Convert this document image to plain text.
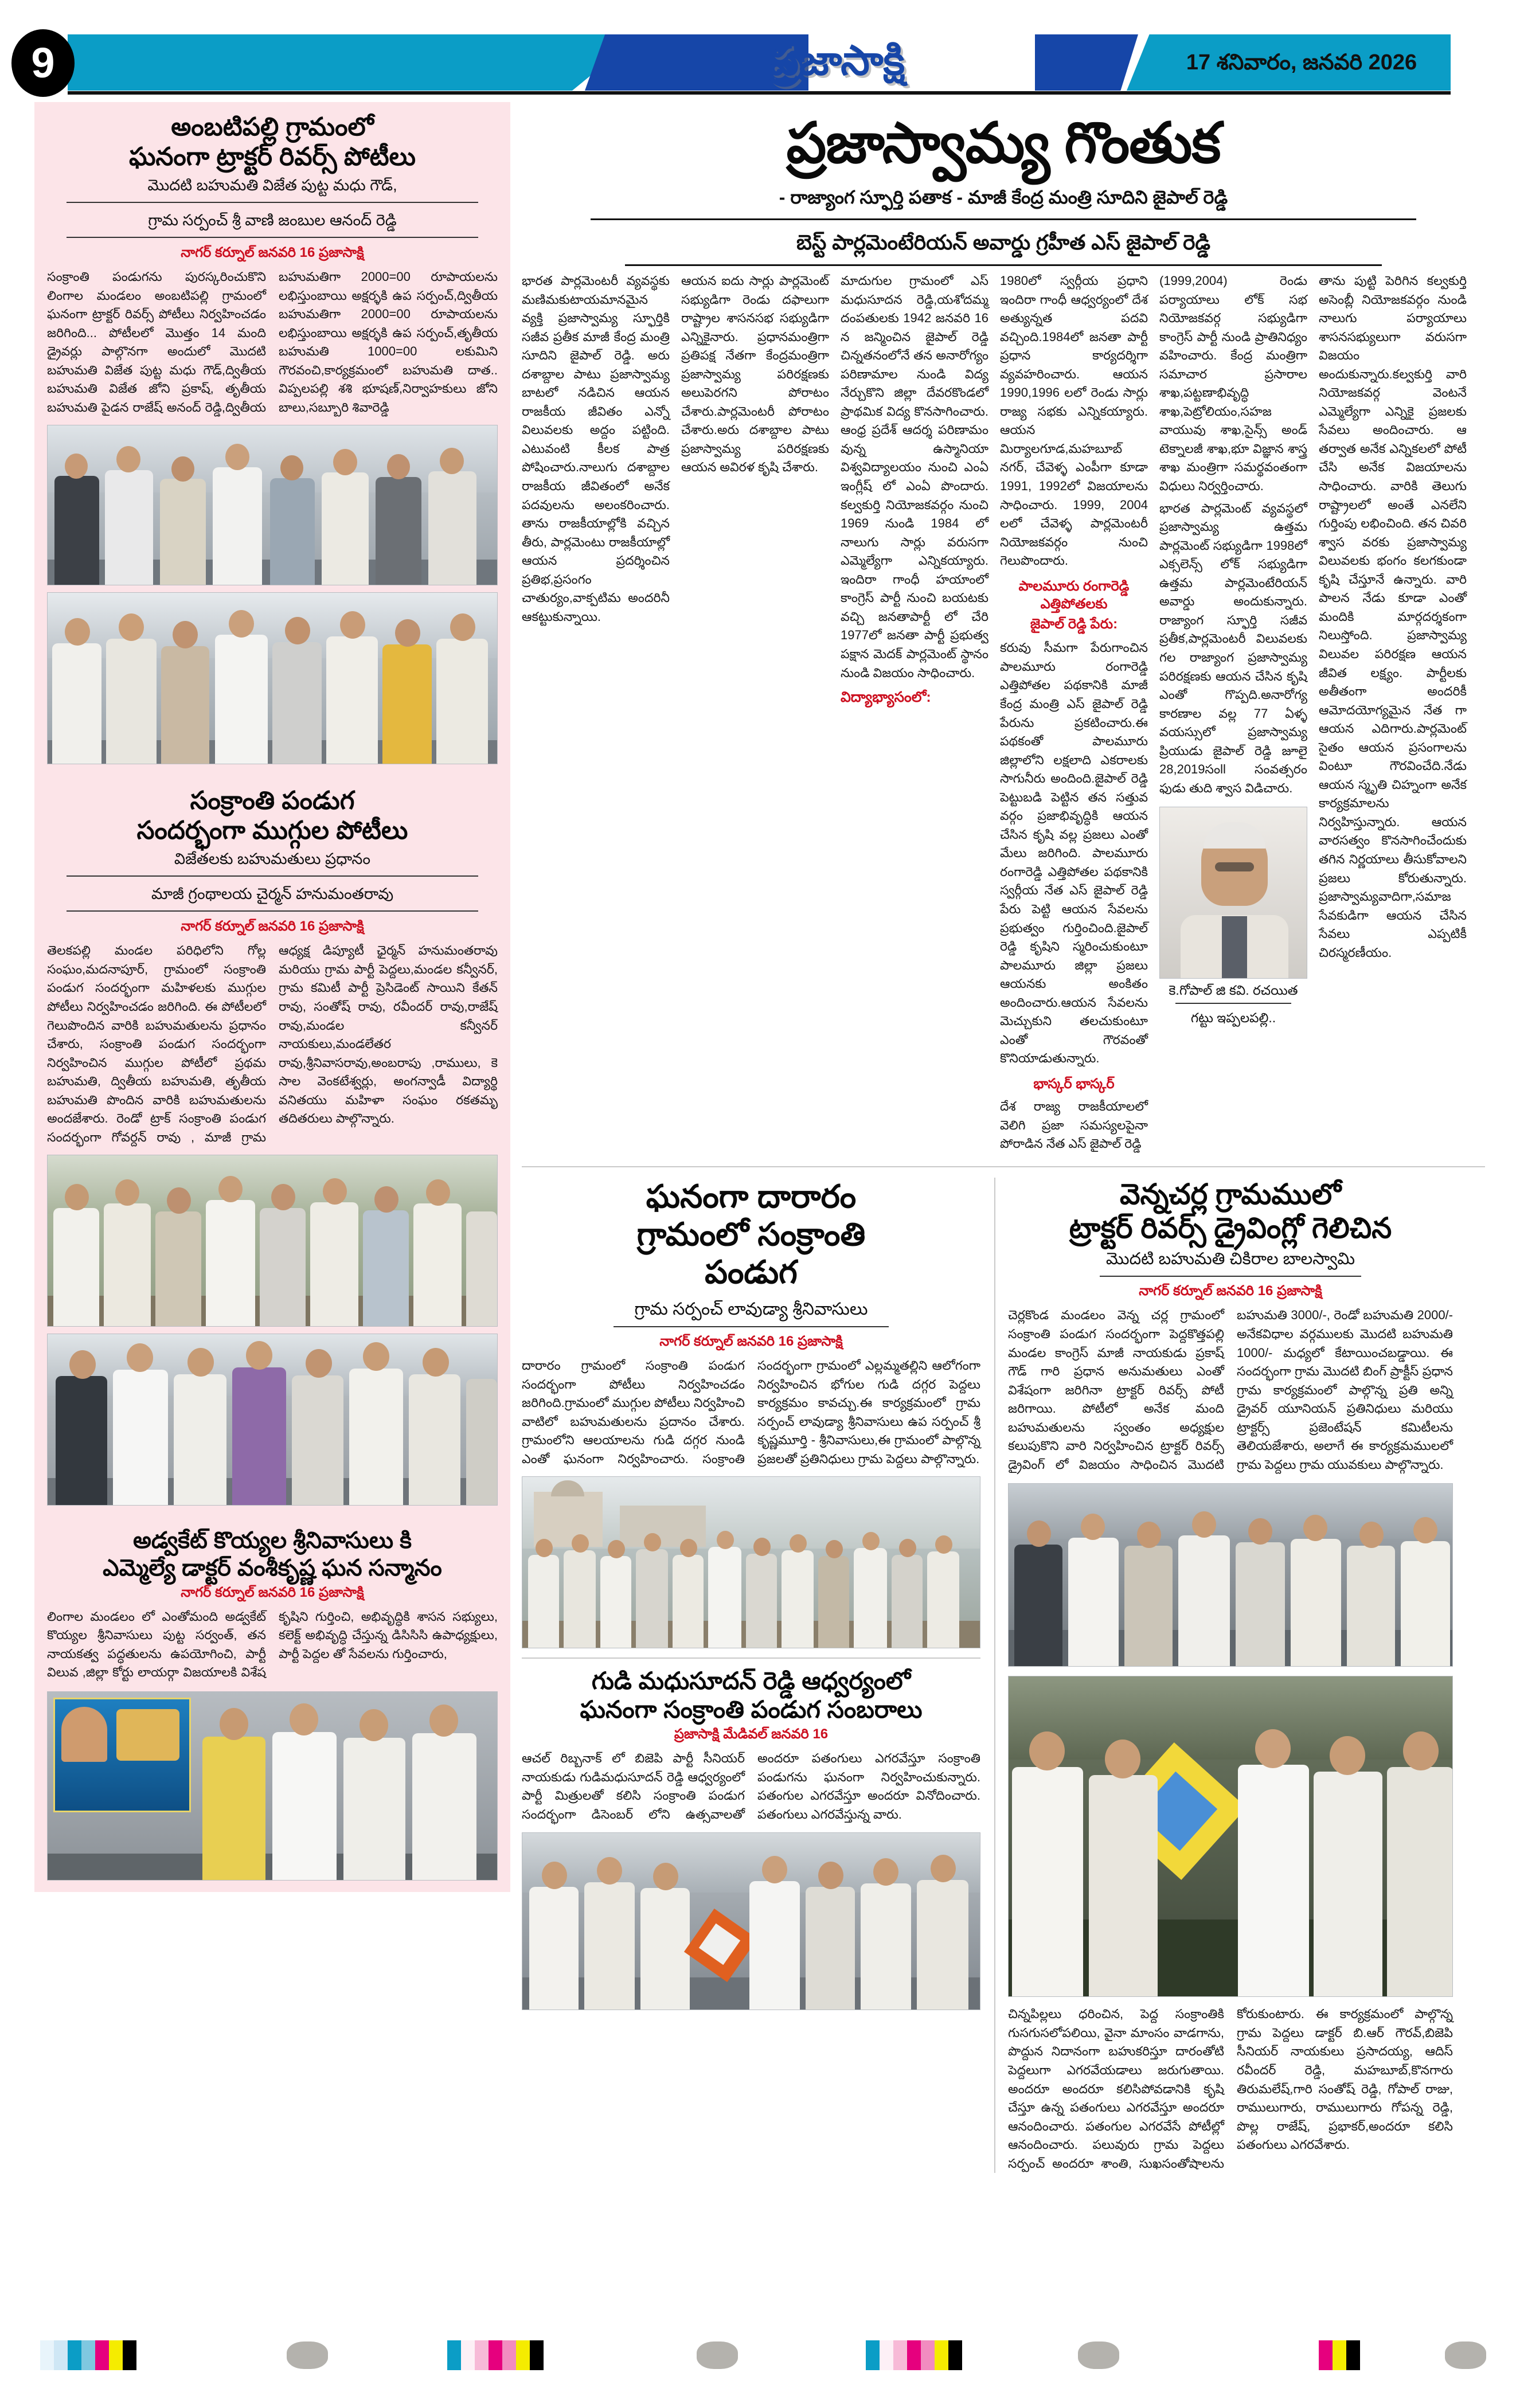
9	ప్రజాసాక్షి	17 శనివారం, జనవరి 2026
అంబటిపల్లి గ్రామంలో
ఘనంగా ట్రాక్టర్ రివర్స్ పోటీలు
మొదటి బహుమతి విజేత పుట్ట మధు గౌడ్,
గ్రామ సర్పంచ్ శ్రీ వాణి జంబుల ఆనంద్ రెడ్డి
నాగర్ కర్నూల్ జనవరి 16 ప్రజాసాక్షి
సంక్రాంతి పండుగను పురస్కరించుకొని లింగాల మండలం అంబటిపల్లి గ్రామంలో ఘనంగా ట్రాక్టర్ రివర్స్ పోటీలు నిర్వహించడం జరిగింది... పోటీలలో మొత్తం 14 మంది డ్రైవర్లు పాల్గొనగా అందులో మొదటి బహుమతి విజేత పుట్ట మధు గౌడ్,ద్వితీయ బహుమతి విజేత జోని ప్రకాష్, తృతీయ బహుమతి పైడన రాజేష్ అనంద్ రెడ్డి,ద్వితీయ బహుమతిగా 2000=00 రూపాయలను లభిస్తుంబాయి అక్షర్ళకి ఉప సర్పంచ్,ద్వితీయ బహుమతిగా 2000=00 రూపాయలను లభిస్తుంబాయి అక్షర్ళకి ఉప సర్పంచ్,తృతీయ బహుమతి 1000=00 లకుమిని గౌరవంచి,కార్యక్రమంలో బహుమతి దాత.. విప్పలపల్లి శశి భూషణ్,నిర్వాహకులు జోని బాలు,సబ్బూరి శివారెడ్డి
సంక్రాంతి పండుగ
సందర్భంగా ముగ్గుల పోటీలు
విజేతలకు బహుమతులు ప్రధానం
మాజీ గ్రంథాలయ చైర్మన్ హనుమంతరావు
నాగర్ కర్నూల్ జనవరి 16 ప్రజాసాక్షి
తెలకపల్లి మండల పరిధిలోని గోల్ల సంఘం,మదనాపూర్, గ్రామంలో సంక్రాంతి పండుగ సందర్భంగా మహిళలకు ముగ్గుల పోటీలు నిర్వహించడం జరిగింది. ఈ పోటీలలో గెలుపొందిన వారికి బహుమతులను ప్రధానం చేశారు, సంక్రాంతి పండుగ సందర్భంగా నిర్వహించిన ముగ్గుల పోటీలో ప్రథమ బహుమతి, ద్వితీయ బహుమతి, తృతీయ బహుమతి పొందిన వారికి బహుమతులను అందజేశారు. రెండో ట్రాక్ సంక్రాంతి పండుగ సందర్భంగా గోవర్దన్ రావు , మాజీ గ్రామ ఆధ్యక్ష డిప్యూటీ ఛైర్మన్ హనుమంతరావు మరియు గ్రామ పార్టీ పెద్దలు,మండల కన్వీనర్, గ్రామ కమిటీ పార్టీ ప్రెసిడెంట్ సాయిని కేతన్ రావు, సంతోష్ రావు, రవీందర్ రావు,రాజేష్ రావు,మండల కన్వీనర్ నాయకులు,మండలేతర రావు,శ్రీనివాసరావు,అంబరాపు ,రాములు, కె సాల వెంకటేశ్వర్లు, అంగన్వాడీ విద్యార్థి వనితయు మహిళా సంఘం రకతమృ తదితరులు పాల్గొన్నారు.
అడ్వకేట్ కొయ్యల శ్రీనివాసులు కి
ఎమ్మెల్యే డాక్టర్ వంశీకృష్ణ ఘన సన్మానం
నాగర్ కర్నూల్ జనవరి 16 ప్రజాసాక్షి
లింగాల మండలం లో ఎంతోమంది అడ్వకేట్ కొయ్యల శ్రీనివాసులు పుట్ట సర్వంత్, తన నాయకత్వ పద్ధతులను ఉపయోగించి, పార్టీ విలువ ,జిల్లా కోర్టు లాయర్గా విజయాలకి విశేష కృషిని గుర్తించి, అభివృద్ధికి శాసన సభ్యులు, కలెక్ట్ అభివృద్ధి చేస్తున్న డిసిసిసి ఉపాధ్యక్షులు, పార్టీ పెద్దల తో సేవలను గుర్తించారు,
ప్రజాస్వామ్య గొంతుక
- రాజ్యాంగ స్ఫూర్తి పతాక - మాజీ కేంద్ర మంత్రి సూదిని జైపాల్ రెడ్డి
బెస్ట్ పార్లమెంటేరియన్ అవార్డు గ్రహీత ఎస్ జైపాల్ రెడ్డి
భారత పార్లమెంటరీ వ్యవస్థకు మణిమకుటాయమానమైన వ్యక్తి ప్రజాస్వామ్య స్ఫూర్తికి సజీవ ప్రతీక మాజీ కేంద్ర మంత్రి సూదిని జైపాల్ రెడ్డి. అరు దశాబ్దాల పాటు ప్రజాస్వామ్య బాటలో నడిచిన ఆయన రాజకీయ జీవితం ఎన్నో విలువలకు అద్దం పట్టింది. ఎటువంటి కీలక పాత్ర పోషించారు.నాలుగు దశాబ్దాల రాజకీయ జీవితంలో అనేక పదవులను అలంకరించారు. తాను రాజకీయాల్లోకి వచ్చిన తీరు, పార్లమెంటు రాజకీయాల్లో ఆయన ప్రదర్శించిన ప్రతిభ,ప్రసంగం చాతుర్యం,వాక్పటిమ అందరినీ ఆకట్టుకున్నాయి.
ఆయన ఐదు సార్లు పార్లమెంట్ సభ్యుడిగా రెండు దఫాలుగా రాష్ట్రాల శాసనసభ సభ్యుడిగా ఎన్నికైనారు. ప్రధానమంత్రిగా ప్రతిపక్ష నేతగా కేంద్రమంత్రిగా ప్రజాస్వామ్య పరిరక్షణకు అలుపెరగని పోరాటం చేశారు.పార్లమెంటరీ పోరాటం చేశారు.అరు దశాబ్దాల పాటు ప్రజాస్వామ్య పరిరక్షణకు ఆయన అవిరళ కృషి చేశారు.
మాదుగుల గ్రామంలో ఎస్ మధుసూదన రెడ్డి,యశోదమ్మ దంపతులకు 1942 జనవరి 16 న జన్మించిన జైపాల్ రెడ్డి చిన్నతనంలోనే తన అనారోగ్యం పరిణామాల నుండి విద్య నేర్చుకొని జిల్లా దేవరకొండలో ప్రాథమిక విద్య కొనసాగించారు. ఆంధ్ర ప్రదేశ్ ఆదర్శ పరిణామం వున్న ఉస్మానియా విశ్వవిద్యాలయం నుంచి ఎంఏ ఇంగ్లీష్ లో ఎంఏ పొందారు. కల్వకుర్తి నియోజకవర్గం నుంచి 1969 నుండి 1984 లో నాలుగు సార్లు వరుసగా ఎమ్మెల్యేగా ఎన్నికయ్యారు. ఇందిరా గాంధీ హయాంలో కాంగ్రెస్ పార్టీ నుంచి బయటకు వచ్చి జనతాపార్టీ లో చేరి 1977లో జనతా పార్టీ ప్రభుత్వ పక్షాన మెదక్ పార్లమెంట్ స్థానం నుండి విజయం సాధించారు.
విద్యాభ్యాసంలో:
1980లో స్వర్గీయ ప్రధాని ఇందిరా గాంధీ ఆధ్వర్యంలో దేశ అత్యున్నత పదవి వచ్చింది.1984లో జనతా పార్టీ ప్రధాన కార్యదర్శిగా వ్యవహరించారు. ఆయన 1990,1996 లలో రెండు సార్లు రాజ్య సభకు ఎన్నికయ్యారు. ఆయన మిర్యాలగూడ,మహబూబ్ నగర్, చేవెళ్ళ ఎంపీగా కూడా 1991, 1992లో విజయాలను సాధించారు. 1999, 2004 లలో చేవెళ్ళ పార్లమెంటరీ నియోజకవర్గం నుంచి గెలుపొందారు.
పాలమూరు రంగారెడ్డి ఎత్తిపోతలకు
జైపాల్ రెడ్డి పేరు:
కరువు సీమగా పేరుగాంచిన పాలమూరు రంగారెడ్డి ఎత్తిపోతల పథకానికి మాజీ కేంద్ర మంత్రి ఎస్ జైపాల్ రెడ్డి పేరును ప్రకటించారు.ఈ పథకంతో పాలమూరు జిల్లాలోని లక్షలాది ఎకరాలకు సాగునీరు అందింది.జైపాల్ రెడ్డి పెట్టుబడి పెట్టిన తన సత్తువ వర్గం ప్రజాభివృద్ధికి ఆయన చేసిన కృషి వల్ల ప్రజలు ఎంతో మేలు జరిగింది. పాలమూరు రంగారెడ్డి ఎత్తిపోతల పథకానికి స్వర్గీయ నేత ఎస్ జైపాల్ రెడ్డి పేరు పెట్టి ఆయన సేవలను ప్రభుత్వం గుర్తించింది.జైపాల్ రెడ్డి కృషిని స్మరించుకుంటూ పాలమూరు జిల్లా ప్రజలు ఆయనకు అంకితం అందించారు.ఆయన సేవలను మెచ్చుకుని తలచుకుంటూ ఎంతో గౌరవంతో కొనియాడుతున్నారు.
భాస్కర్ భాస్కర్
దేశ రాజ్య రాజకీయాలలో వెలిగి ప్రజా సమస్యలపైనా పోరాడిన నేత ఎస్ జైపాల్ రెడ్డి
(1999,2004) రెండు పర్యాయాలు లోక్ సభ నియోజకవర్గ సభ్యుడిగా కాంగ్రెస్ పార్టీ నుండి ప్రాతినిధ్యం వహించారు. కేంద్ర మంత్రిగా సమాచార ప్రసారాల శాఖ,పట్టణాభివృద్ధి శాఖ,పెట్రోలియం,సహజ వాయువు శాఖ,సైన్స్ అండ్ టెక్నాలజీ శాఖ,భూ విజ్ఞాన శాస్త్ర శాఖ మంత్రిగా సమర్థవంతంగా విధులు నిర్వర్తించారు.
భారత పార్లమెంట్ వ్యవస్థలో ప్రజాస్వామ్య ఉత్తమ పార్లమెంట్ సభ్యుడిగా 1998లో ఎక్సలెన్స్ లోక్ సభ్యుడిగా ఉత్తమ పార్లమెంటేరియన్ అవార్డు అందుకున్నారు. రాజ్యాంగ స్ఫూర్తి సజీవ ప్రతీక,పార్లమెంటరీ విలువలకు గల రాజ్యాంగ ప్రజాస్వామ్య పరిరక్షణకు ఆయన చేసిన కృషి ఎంతో గొప్పది.అనారోగ్య కారణాల వల్ల 77 ఏళ్ళ వయస్సులో ప్రజాస్వామ్య ప్రియుడు జైపాల్ రెడ్డి జూలై 28,2019సంll సంవత్సరం ఫుడు తుది శ్వాస విడిచారు.
కె.గోపాల్ జి కవి. రచయిత
గట్టు ఇప్పలపల్లి..
తాను పుట్టి పెరిగిన కల్వకుర్తి అసెంబ్లీ నియోజకవర్గం నుండి నాలుగు పర్యాయాలు శాసనసభ్యులుగా వరుసగా విజయం అందుకున్నారు.కల్వకుర్తి వారి నియోజకవర్గ వెంటనే ఎమ్మెల్యేగా ఎన్నికై ప్రజలకు సేవలు అందించారు. ఆ తర్వాత అనేక ఎన్నికలలో పోటీ చేసి అనేక విజయాలను సాధించారు. వారికి తెలుగు రాష్ట్రాలలో అంతే ఎనలేని గుర్తింపు లభించింది. తన చివరి శ్వాస వరకు ప్రజాస్వామ్య విలువలకు భంగం కలగకుండా కృషి చేస్తూనే ఉన్నారు. వారి పాలన నేడు కూడా ఎంతో మందికి మార్గదర్శకంగా నిలుస్తోంది. ప్రజాస్వామ్య విలువల పరిరక్షణ ఆయన జీవిత లక్ష్యం. పార్టీలకు అతీతంగా అందరికీ ఆమోదయోగ్యమైన నేత గా ఆయన ఎదిగారు.పార్లమెంట్ సైతం ఆయన ప్రసంగాలను వింటూ గౌరవించేది.నేడు ఆయన స్మృతి చిహ్నంగా అనేక కార్యక్రమాలను నిర్వహిస్తున్నారు. ఆయన వారసత్వం కొనసాగించేందుకు తగిన నిర్ణయాలు తీసుకోవాలని ప్రజలు కోరుతున్నారు. ప్రజాస్వామ్యవాదిగా,సమాజ సేవకుడిగా ఆయన చేసిన సేవలు ఎప్పటికీ చిరస్మరణీయం.
ఘనంగా దారారం
గ్రామంలో సంక్రాంతి
పండుగ
గ్రామ సర్పంచ్ లావుడ్యా శ్రీనివాసులు
నాగర్ కర్నూల్ జనవరి 16 ప్రజాసాక్షి
దారారం గ్రామంలో సంక్రాంతి పండుగ సందర్భంగా పోటీలు నిర్వహించడం జరిగింది.గ్రామంలో ముగ్గుల పోటీలు నిర్వహించి వాటిలో బహుమతులను ప్రదానం చేశారు. గ్రామంలోని ఆలయాలను గుడి దగ్గర నుండి ఎంతో ఘనంగా నిర్వహించారు. సంక్రాంతి సందర్భంగా గ్రామంలో ఎల్లమ్మతల్లిని ఆలోగంగా నిర్వహించిన భోగుల గుడి దగ్గర పెద్దలు కార్యక్రమం కావచ్చు.ఈ కార్యక్రమంలో గ్రామ సర్పంచ్ లావుడ్యా శ్రీనివాసులు ఉప సర్పంచ్ శ్రీ కృష్ణమూర్తి - శ్రీనివాసులు,ఈ గ్రామంలో పాల్గొన్న ప్రజలతో ప్రతినిధులు గ్రామ పెద్దలు పాల్గొన్నారు.
గుడి మధుసూదన్ రెడ్డి ఆధ్వర్యంలో
ఘనంగా సంక్రాంతి పండుగ సంబరాలు
ప్రజాసాక్షి మేడివల్ జనవరి 16
ఆచల్ రిబ్బనాక్ లో బిజెపి పార్టీ సీనియర్ నాయకుడు గుడిమధుసూదన్ రెడ్డి ఆధ్వర్యంలో పార్టీ మిత్రులతో కలిసి సంక్రాంతి పండుగ సందర్భంగా డిసెంబర్ లోని ఉత్సవాలతో అందరూ పతంగులు ఎగరవేస్తూ సంక్రాంతి పండుగను ఘనంగా నిర్వహించుకున్నారు. పతంగుల ఎగరవేస్తూ అందరూ వినోదించారు. పతంగులు ఎగరవేస్తున్న వారు.
వెన్నచర్ల గ్రామములో
ట్రాక్టర్ రివర్స్ డ్రైవింగ్లో గెలిచిన
మొదటి బహుమతి చికిరాల బాలస్వామి
నాగర్ కర్నూల్ జనవరి 16 ప్రజాసాక్షి
చెర్లకొండ మండలం వెన్న చర్ల గ్రామంలో సంక్రాంతి పండుగ సందర్భంగా పెద్దకొత్తపల్లి మండల కాంగ్రెస్ మాజీ నాయకుడు ప్రకాష్ గౌడ్ గారి ప్రధాన అనుమతులు ఎంతో విశేషంగా జరిగినా ట్రాక్టర్ రివర్స్ పోటీ జరిగాయి. పోటీలో అనేక మంది బహుమతులను స్వంతం అధ్యక్షుల కలుపుకొని వారి నిర్వహించిన ట్రాక్టర్ రివర్స్ డ్రైవింగ్ లో విజయం సాధించిన మొదటి బహుమతి 3000/-, రెండో బహుమతి 2000/- అనేకవిధాల వర్గములకు మొదటి బహుమతి 1000/- మధ్యలో కేటాయించబడ్డాయి. ఈ సందర్భంగా గ్రామ మొదటి బింగ్ ప్రాక్టీస్ ప్రధాన గ్రామ కార్యక్రమంలో పాల్గొన్న ప్రతి అన్ని డ్రైవర్ యూనియన్ ప్రతినిధులు మరియు ట్రాక్టర్స్ ప్రజెంటేషన్ కమిటీలను తెలియజేశారు, అలాగే ఈ కార్యక్రమములలో గ్రామ పెద్దలు గ్రామ యువకులు పాల్గొన్నారు.
చిన్నపిల్లలు ధరించిన, పెద్ద సంక్రాంతికి గుసగుసలోపలియి, వైనా మాంసం వాడగాను, పొద్దున నిదానంగా బహుకరిస్తూ దారంతోటి పెద్దలుగా ఎగరవేయడాలు జరుగుతాయి. అందరూ అందరూ కలిసిపోవడానికి కృషి చేస్తూ ఉన్న పతంగులు ఎగరవేస్తూ అందరూ ఆనందించారు. పతంగుల ఎగరవేసే పోటీల్లో ఆనందించారు. పలువురు గ్రామ పెద్దలు సర్పంచ్ అందరూ శాంతి, సుఖసంతోషాలను కోరుకుంటారు. ఈ కార్యక్రమంలో పాల్గొన్న గ్రామ పెద్దలు డాక్టర్ బి.ఆర్ గౌరవ్,బిజెపి సీనియర్ నాయకులు ప్రసాదయ్య, ఆదిస్ రవీందర్ రెడ్డి, మహబూబ్,కొనగారు తిరుమలేష్,గారి సంతోష్ రెడ్డి, గోపాల్ రాజు, రాములుగారు, రాములుగారు గోపన్న రెడ్డి, పొల్ల రాజేష్, ప్రభాకర్,అందరూ కలిసి పతంగులు ఎగరవేశారు.
